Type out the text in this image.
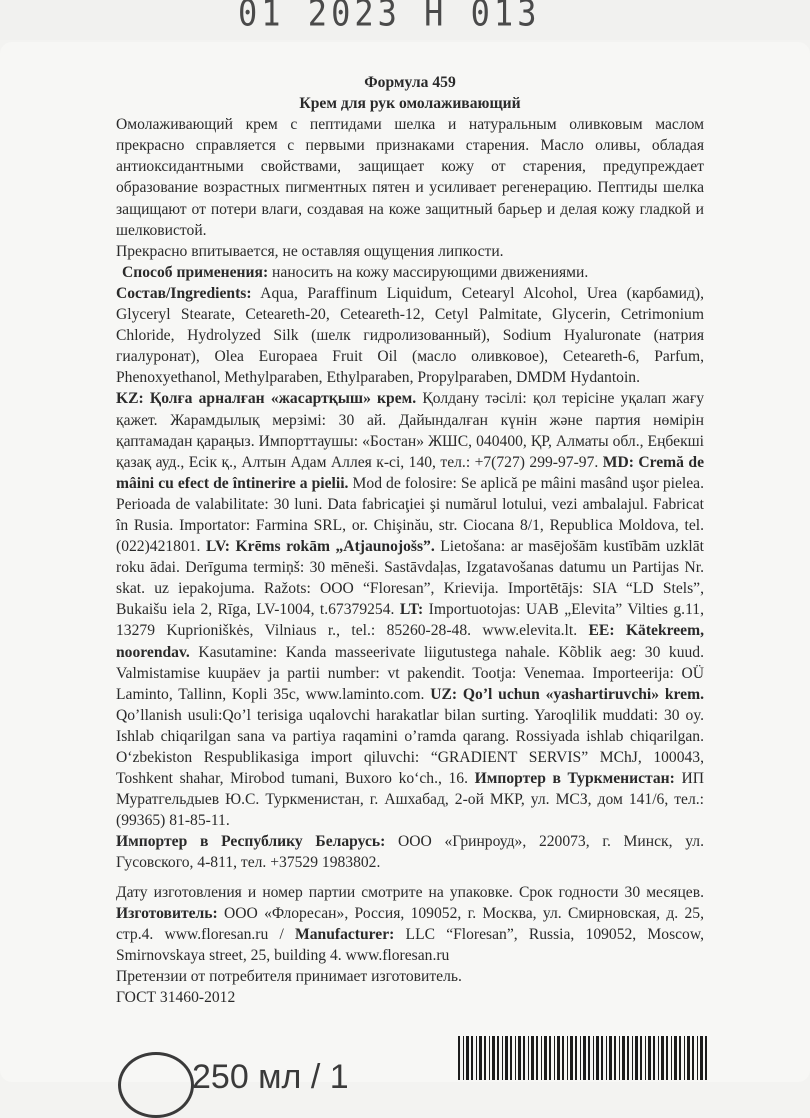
01 2023 H 013

Формула 459

Крем для рук омолаживающий

Омолаживающий крем с пептидами шелка и натуральным оливковым маслом прекрасно справляется с первыми признаками старения. Масло оливы, обладая антиоксидантными свойствами, защищает кожу от старения, предупреждает образование возрастных пигментных пятен и усиливает регенерацию. Пептиды шелка защищают от потери влаги, создавая на коже защитный барьер и делая кожу гладкой и шелковистой.

Прекрасно впитывается, не оставляя ощущения липкости.

Способ применения: наносить на кожу массирующими движениями.

Состав/Ingredients: Aqua, Paraffinum Liquidum, Cetearyl Alcohol, Urea (карбамид), Glyceryl Stearate, Ceteareth-20, Ceteareth-12, Cetyl Palmitate, Glycerin, Cetrimonium Chloride, Hydrolyzed Silk (шелк гидролизованный), Sodium Hyaluronate (натрия гиалуронат), Olea Europaea Fruit Oil (масло оливковое), Ceteareth-6, Parfum, Phenoxyethanol, Methylparaben, Ethylparaben, Propylparaben, DMDM Hydantoin.

KZ: Қолға арналған «жасартқыш» крем. Қолдану тәсілі: қол терісіне уқалап жағу қажет. Жарамдылық мерзімі: 30 ай. Дайындалған күнін және партия нөмірін қаптамадан қараңыз. Импорттаушы: «Бостан» ЖШС, 040400, ҚР, Алматы обл., Еңбекші қазақ ауд., Есік қ., Алтын Адам Аллея к-сі, 140, тел.: +7(727) 299-97-97. MD: Cremă de mâini cu efect de întinerire a pielii. Mod de folosire: Se aplică pe mâini masând uşor pielea. Perioada de valabilitate: 30 luni. Data fabricaţiei şi numărul lotului, vezi ambalajul. Fabricat în Rusia. Importator: Farmina SRL, or. Chişinău, str. Ciocana 8/1, Republica Moldova, tel. (022)421801. LV: Krēms rokām „Atjaunojošs”. Lietošana: ar masējošām kustībām uzklāt roku ādai. Derīguma termiņš: 30 mēneši. Sastāvdaļas, Izgatavošanas datumu un Partijas Nr. skat. uz iepakojuma. Ražots: OOO “Floresan”, Krievija. Importētājs: SIA “LD Stels”, Bukaišu iela 2, Rīga, LV-1004, t.67379254. LT: Importuotojas: UAB „Elevita” Vilties g.11, 13279 Kuprioniškės, Vilniaus r., tel.: 85260-28-48. www.elevita.lt. EE: Kätekreem, noorendav. Kasutamine: Kanda masseerivate liigutustega nahale. Kõblik aeg: 30 kuud. Valmistamise kuupäev ja partii number: vt pakendit. Tootja: Venemaa. Importeerija: OÜ Laminto, Tallinn, Kopli 35c, www.laminto.com. UZ: Qo’l uchun «yashartiruvchi» krem. Qo’llanish usuli:Qo’l terisiga uqalovchi harakatlar bilan surting. Yaroqlilik muddati: 30 oy. Ishlab chiqarilgan sana va partiya raqamini o’ramda qarang. Rossiyada ishlab chiqarilgan. O‘zbekiston Respublikasiga import qiluvchi: “GRADIENT SERVIS” MChJ, 100043, Toshkent shahar, Mirobod tumani, Buxoro ko‘ch., 16. Импортер в Туркменистан: ИП Муратгельдыев Ю.С. Туркменистан, г. Ашхабад, 2-ой МКР, ул. МСЗ, дом 141/6, тел.: (99365) 81-85-11.

Импортер в Республику Беларусь: ООО «Гринроуд», 220073, г. Минск, ул. Гусовского, 4-811, тел. +37529 1983802.

Дату изготовления и номер партии смотрите на упаковке. Срок годности 30 месяцев. Изготовитель: ООО «Флоресан», Россия, 109052, г. Москва, ул. Смирновская, д. 25, стр.4. www.floresan.ru / Manufacturer: LLC “Floresan”, Russia, 109052, Moscow, Smirnovskaya street, 25, building 4. www.floresan.ru

Претензии от потребителя принимает изготовитель.

ГОСТ 31460-2012

250 мл / 1
